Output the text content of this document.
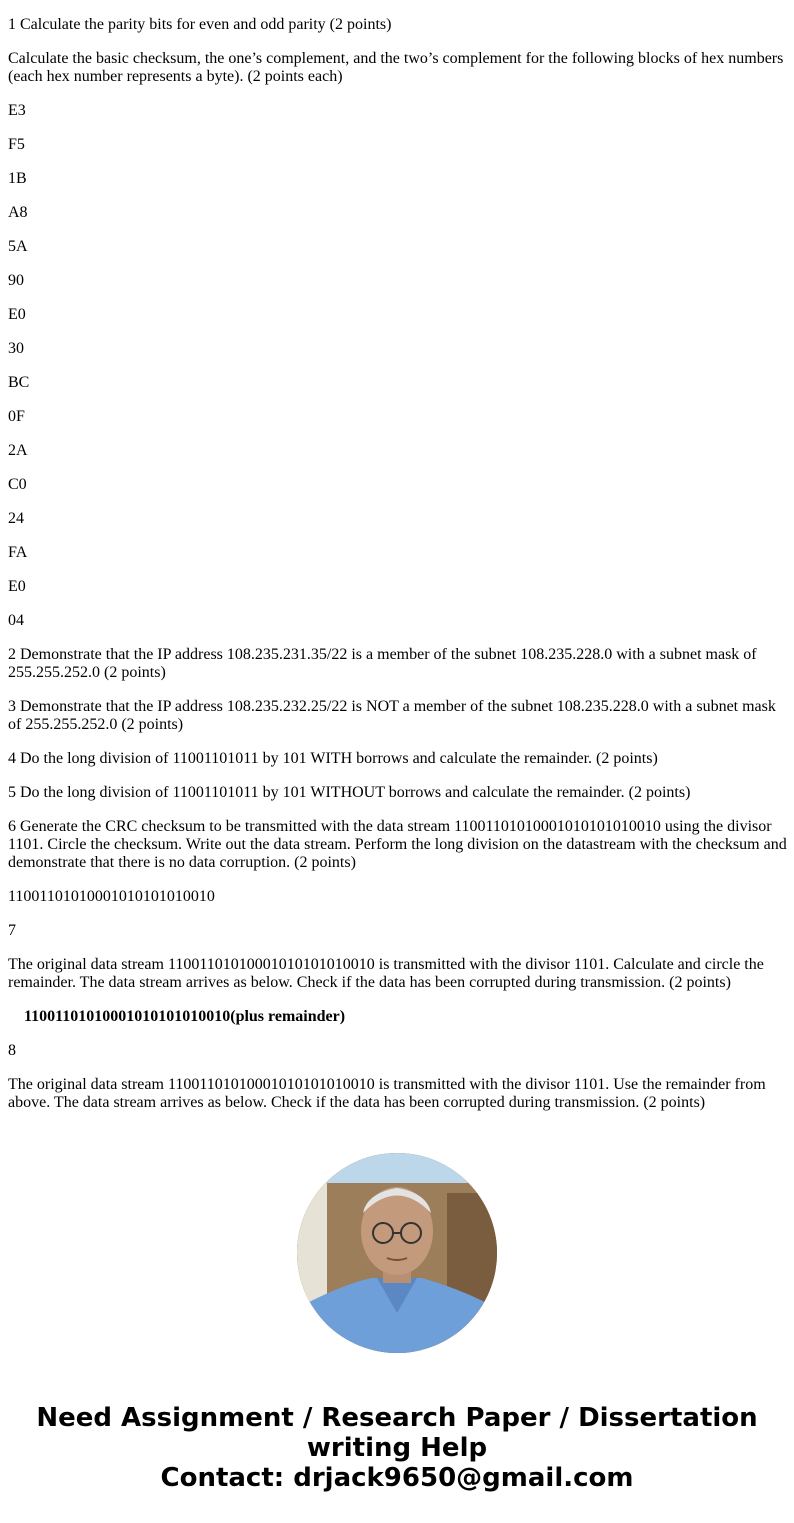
1 Calculate the parity bits for even and odd parity (2 points)

Calculate the basic checksum, the one’s complement, and the two’s complement for the following blocks of hex numbers (each hex number represents a byte). (2 points each)

E3

F5

1B

A8

5A

90

E0

30

BC

0F

2A

C0

24

FA

E0

04

2 Demonstrate that the IP address 108.235.231.35/22 is a member of the subnet 108.235.228.0 with a subnet mask of 255.255.252.0 (2 points)

3 Demonstrate that the IP address 108.235.232.25/22 is NOT a member of the subnet 108.235.228.0 with a subnet mask of 255.255.252.0 (2 points)

4 Do the long division of 11001101011 by 101 WITH borrows and calculate the remainder. (2 points)

5 Do the long division of 11001101011 by 101 WITHOUT borrows and calculate the remainder. (2 points)

6 Generate the CRC checksum to be transmitted with the data stream 11001101010001010101010010 using the divisor 1101. Circle the checksum. Write out the data stream. Perform the long division on the datastream with the checksum and demonstrate that there is no data corruption. (2 points)

11001101010001010101010010

7

The original data stream 11001101010001010101010010 is transmitted with the divisor 1101. Calculate and circle the remainder. The data stream arrives as below. Check if the data has been corrupted during transmission. (2 points)

11001101010001010101010010(plus remainder)

8

The original data stream 11001101010001010101010010 is transmitted with the divisor 1101. Use the remainder from above. The data stream arrives as below. Check if the data has been corrupted during transmission. (2 points)

Need Assignment / Research Paper / Dissertation
writing Help
Contact: drjack9650@gmail.com
